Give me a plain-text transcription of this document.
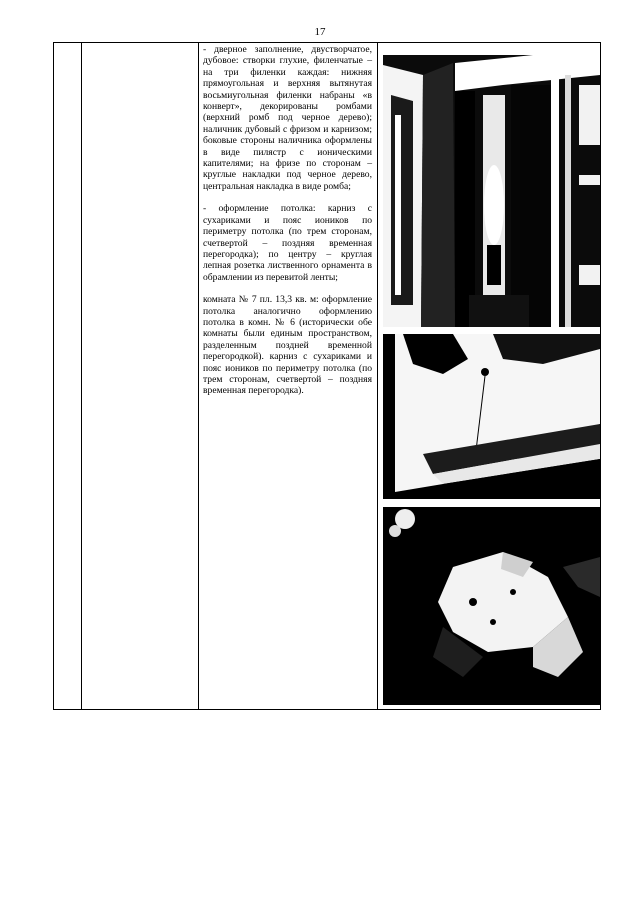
17

- дверное заполнение, двустворчатое, дубовое: створки глухие, филенчатые – на три филенки каждая: нижняя прямоугольная и верхняя вытянутая восьмиугольная филенки набраны «в конверт», декорированы ромбами (верхний ромб под черное дерево); наличник дубовый с фризом и карнизом; боковые стороны наличника оформлены в виде пилястр с ионическими капителями; на фризе по сторонам – круглые накладки под черное дерево, центральная накладка в виде ромба;

- оформление потолка: карниз с сухариками и пояс иоников по периметру потолка (по трем сторонам, счетвертой – поздняя временная перегородка); по центру – круглая лепная розетка лиственного орнамента в обрамлении из перевитой ленты;

комната № 7 пл. 13,3 кв. м: оформление потолка аналогично оформлению потолка в комн. № 6 (исторически обе комнаты были единым пространством, разделенным поздней временной перегородкой). карниз с сухариками и пояс иоников по периметру потолка (по трем сторонам, счетвертой – поздняя временная перегородка).
